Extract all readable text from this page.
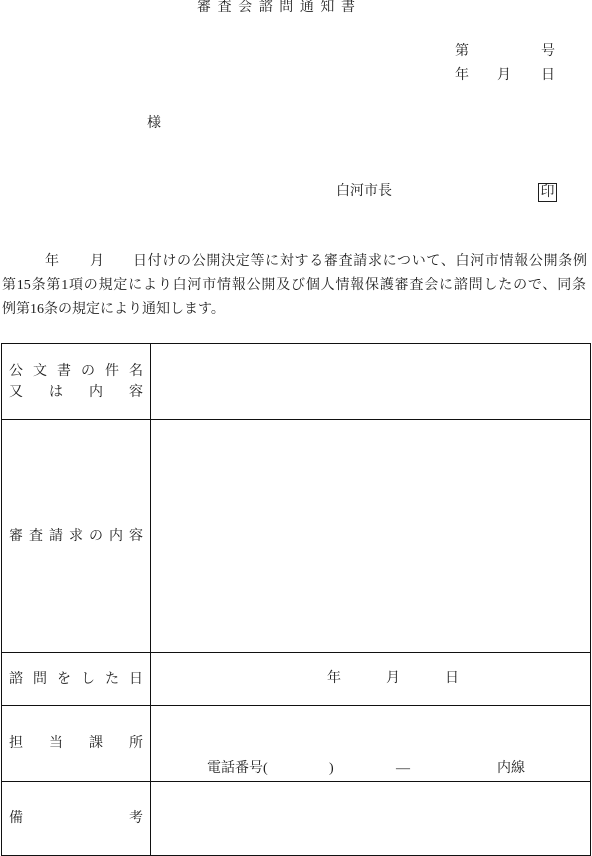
審査会諮問通知書
第	号
年 月 日
様
白河市長	印
年 月 日付けの公開決定等に対する審査請求について、白河市情報公開条例
第15条第1項の規定により白河市情報公開及び個人情報保護審査会に諮問したので、同条
例第16条の規定により通知します。
公文書の件名
又は内容
審査請求の内容
諮問をした日	年	月	日
担当課所
電話番号(	)	―	内線
備考
